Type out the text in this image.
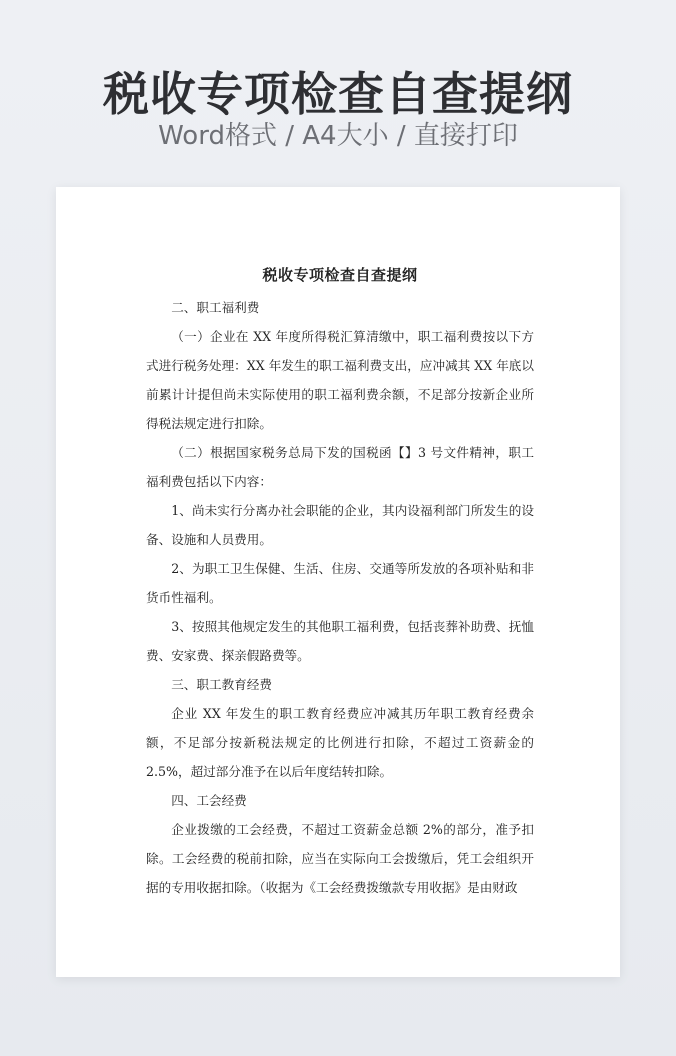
税收专项检查自查提纲
Word格式 / A4大小 / 直接打印
税收专项检查自查提纲

二、职工福利费

（一）企业在 XX 年度所得税汇算清缴中，职工福利费按以下方式进行税务处理：XX 年发生的职工福利费支出，应冲减其 XX 年底以前累计计提但尚未实际使用的职工福利费余额，不足部分按新企业所得税法规定进行扣除。

（二）根据国家税务总局下发的国税函【】3 号文件精神，职工福利费包括以下内容：

1、尚未实行分离办社会职能的企业，其内设福利部门所发生的设备、设施和人员费用。

2、为职工卫生保健、生活、住房、交通等所发放的各项补贴和非货币性福利。

3、按照其他规定发生的其他职工福利费，包括丧葬补助费、抚恤费、安家费、探亲假路费等。

三、职工教育经费

企业 XX 年发生的职工教育经费应冲减其历年职工教育经费余额，不足部分按新税法规定的比例进行扣除，不超过工资薪金的 2.5%，超过部分准予在以后年度结转扣除。

四、工会经费

企业拨缴的工会经费，不超过工资薪金总额 2%的部分，准予扣除。工会经费的税前扣除，应当在实际向工会拨缴后，凭工会组织开据的专用收据扣除。（收据为《工会经费拨缴款专用收据》是由财政
